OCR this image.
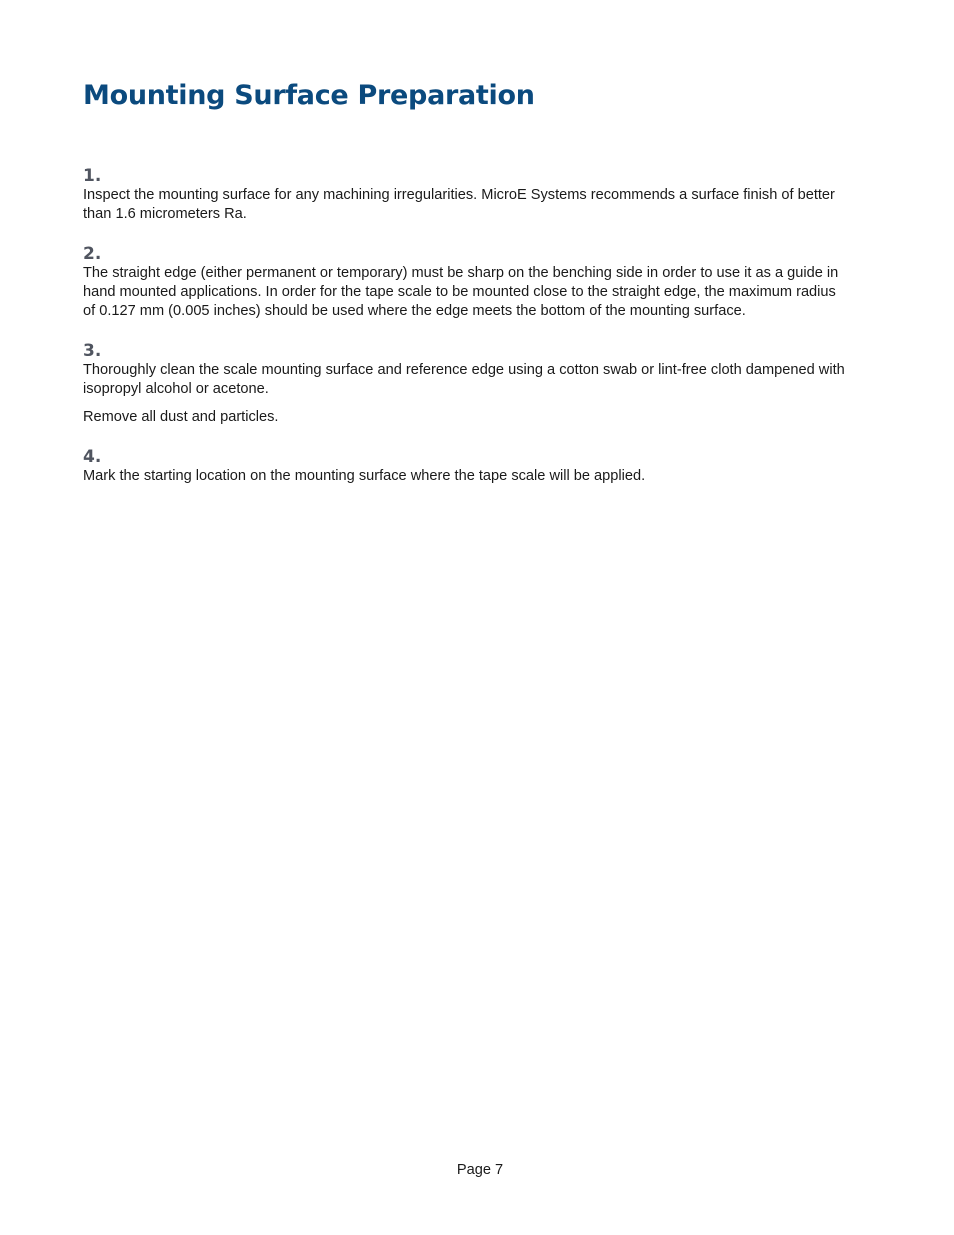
Mounting Surface Preparation
1.

Inspect the mounting surface for any machining irregularities. MicroE Systems recommends a surface finish of better than 1.6 micrometers Ra.

2.

The straight edge (either permanent or temporary) must be sharp on the benching side in order to use it as a guide in hand mounted applications. In order for the tape scale to be mounted close to the straight edge, the maximum radius of 0.127 mm (0.005 inches) should be used where the edge meets the bottom of the mounting surface.

3.

Thoroughly clean the scale mounting surface and reference edge using a cotton swab or lint-free cloth dampened with isopropyl alcohol or acetone.

Remove all dust and particles.

4.

Mark the starting location on the mounting surface where the tape scale will be applied.

Page 7
